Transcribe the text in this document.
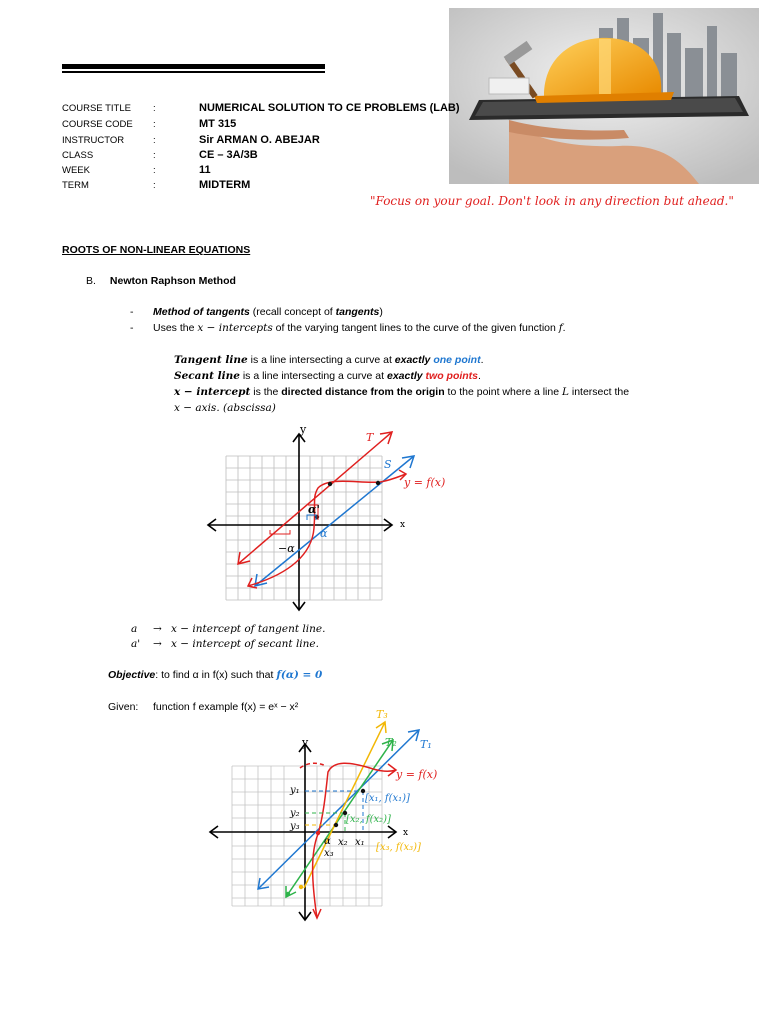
COURSE TITLE	:	NUMERICAL SOLUTION TO CE PROBLEMS (LAB)
COURSE CODE	:	MT 315
INSTRUCTOR	:	Sir ARMAN O. ABEJAR
CLASS	:	CE – 3A/3B
WEEK	:	11
TERM	:	MIDTERM
"Focus on your goal. Don't look in any direction but ahead."
ROOTS OF NON-LINEAR EQUATIONS
B. Newton Raphson Method
- Method of tangents (recall concept of tangents)
- Uses the x − intercepts of the varying tangent lines to the curve of the given function f.
Tangent line is a line intersecting a curve at exactly one point.
Secant line is a line intersecting a curve at exactly two points.
x − intercept is the directed distance from the origin to the point where a line L intersect the
x − axis. (abscissa)
y
x
T
S
y = f(x)
α'
α
−α
a → x − intercept of tangent line.
a' → x − intercept of secant line.
Objective: to find α in f(x) such that f(α) = 0
Given: function f example f(x) = eˣ − x²
y
x
T₃
T₂ T₁
y = f(x)
y₁
y₂
y₃
[x₁, f(x₁)]
[x₂, f(x₂)]
[x₃, f(x₃)]
α
x₃
x₂ x₁
